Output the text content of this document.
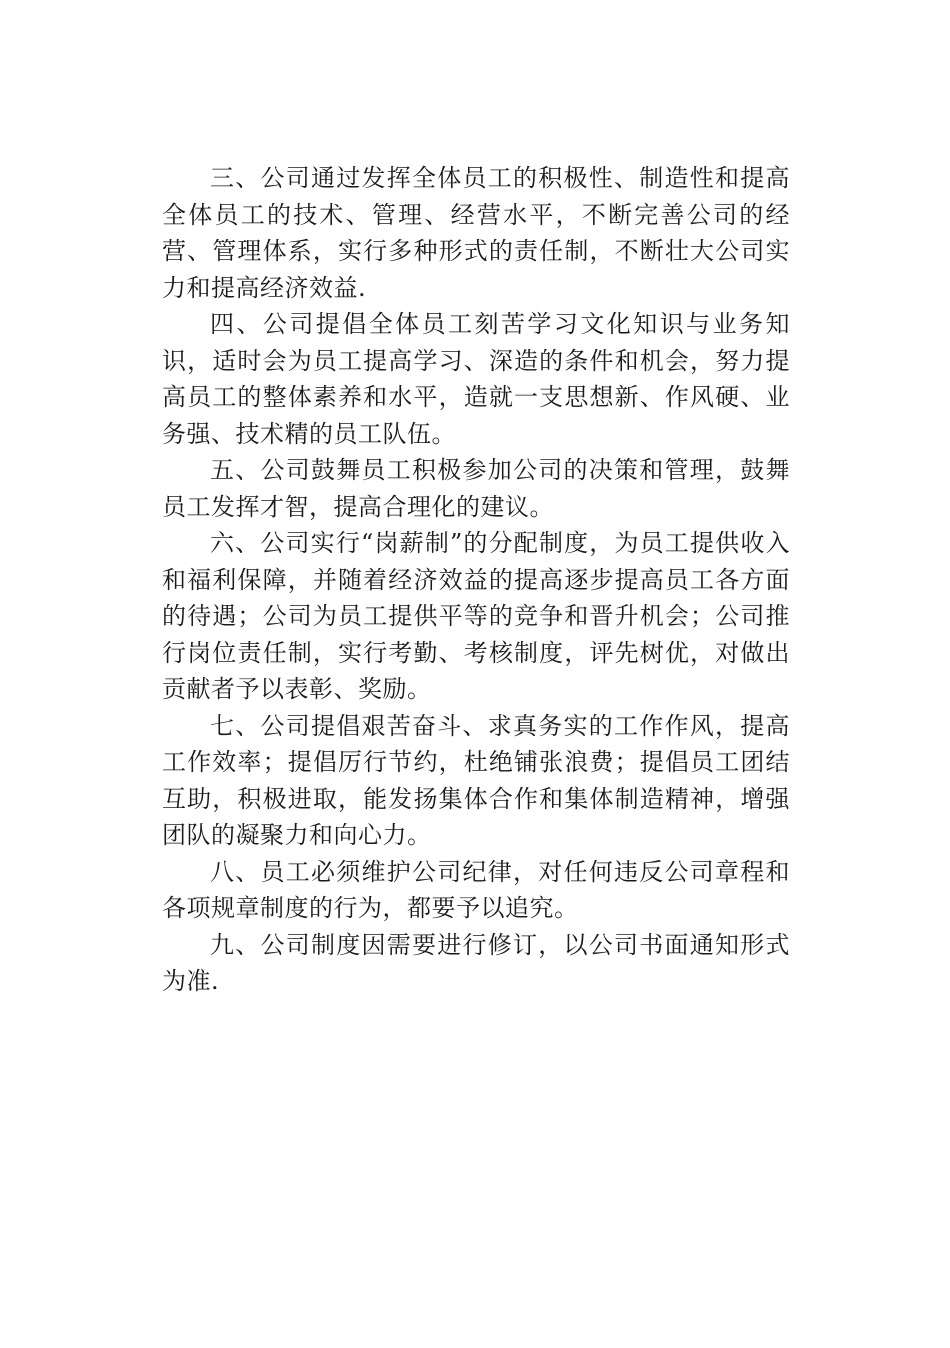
三、公司通过发挥全体员工的积极性、制造性和提高全体员工的技术、管理、经营水平，不断完善公司的经营、管理体系，实行多种形式的责任制，不断壮大公司实力和提高经济效益.

四、公司提倡全体员工刻苦学习文化知识与业务知识，适时会为员工提高学习、深造的条件和机会，努力提高员工的整体素养和水平，造就一支思想新、作风硬、业务强、技术精的员工队伍。

五、公司鼓舞员工积极参加公司的决策和管理，鼓舞员工发挥才智，提高合理化的建议。

六、公司实行“岗薪制”的分配制度，为员工提供收入和福利保障，并随着经济效益的提高逐步提高员工各方面的待遇；公司为员工提供平等的竞争和晋升机会；公司推行岗位责任制，实行考勤、考核制度，评先树优，对做出贡献者予以表彰、奖励。

七、公司提倡艰苦奋斗、求真务实的工作作风，提高工作效率；提倡厉行节约，杜绝铺张浪费；提倡员工团结互助，积极进取，能发扬集体合作和集体制造精神，增强团队的凝聚力和向心力。

八、员工必须维护公司纪律，对任何违反公司章程和各项规章制度的行为，都要予以追究。

九、公司制度因需要进行修订，以公司书面通知形式为准.
